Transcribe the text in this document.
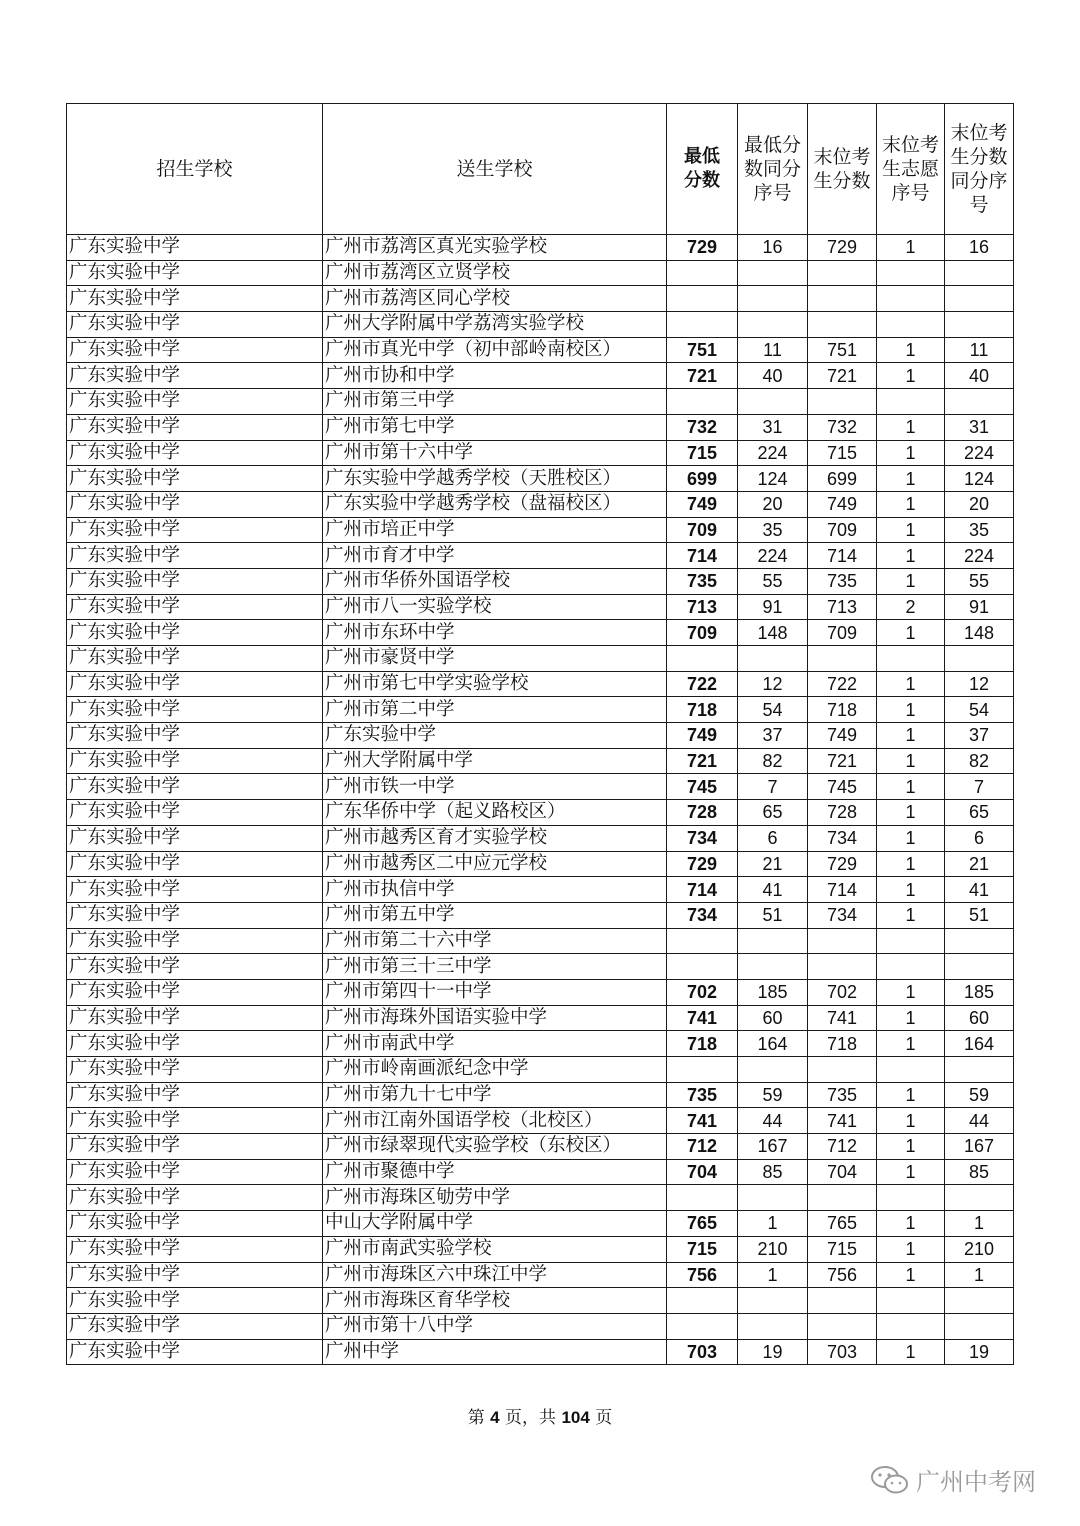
招生学校	送生学校	最低分数	最低分数同分序号	末位考生分数	末位考生志愿序号	末位考生分数同分序号
广东实验中学	广州市荔湾区真光实验学校	729	16	729	1	16
广东实验中学	广州市荔湾区立贤学校					
广东实验中学	广州市荔湾区同心学校					
广东实验中学	广州大学附属中学荔湾实验学校					
广东实验中学	广州市真光中学（初中部岭南校区）	751	11	751	1	11
广东实验中学	广州市协和中学	721	40	721	1	40
广东实验中学	广州市第三中学					
广东实验中学	广州市第七中学	732	31	732	1	31
广东实验中学	广州市第十六中学	715	224	715	1	224
广东实验中学	广东实验中学越秀学校（天胜校区）	699	124	699	1	124
广东实验中学	广东实验中学越秀学校（盘福校区）	749	20	749	1	20
广东实验中学	广州市培正中学	709	35	709	1	35
广东实验中学	广州市育才中学	714	224	714	1	224
广东实验中学	广州市华侨外国语学校	735	55	735	1	55
广东实验中学	广州市八一实验学校	713	91	713	2	91
广东实验中学	广州市东环中学	709	148	709	1	148
广东实验中学	广州市豪贤中学					
广东实验中学	广州市第七中学实验学校	722	12	722	1	12
广东实验中学	广州市第二中学	718	54	718	1	54
广东实验中学	广东实验中学	749	37	749	1	37
广东实验中学	广州大学附属中学	721	82	721	1	82
广东实验中学	广州市铁一中学	745	7	745	1	7
广东实验中学	广东华侨中学（起义路校区）	728	65	728	1	65
广东实验中学	广州市越秀区育才实验学校	734	6	734	1	6
广东实验中学	广州市越秀区二中应元学校	729	21	729	1	21
广东实验中学	广州市执信中学	714	41	714	1	41
广东实验中学	广州市第五中学	734	51	734	1	51
广东实验中学	广州市第二十六中学					
广东实验中学	广州市第三十三中学					
广东实验中学	广州市第四十一中学	702	185	702	1	185
广东实验中学	广州市海珠外国语实验中学	741	60	741	1	60
广东实验中学	广州市南武中学	718	164	718	1	164
广东实验中学	广州市岭南画派纪念中学					
广东实验中学	广州市第九十七中学	735	59	735	1	59
广东实验中学	广州市江南外国语学校（北校区）	741	44	741	1	44
广东实验中学	广州市绿翠现代实验学校（东校区）	712	167	712	1	167
广东实验中学	广州市聚德中学	704	85	704	1	85
广东实验中学	广州市海珠区劬劳中学					
广东实验中学	中山大学附属中学	765	1	765	1	1
广东实验中学	广州市南武实验学校	715	210	715	1	210
广东实验中学	广州市海珠区六中珠江中学	756	1	756	1	1
广东实验中学	广州市海珠区育华学校					
广东实验中学	广州市第十八中学					
广东实验中学	广州中学	703	19	703	1	19
第 4 页，共 104 页
广州中考网
